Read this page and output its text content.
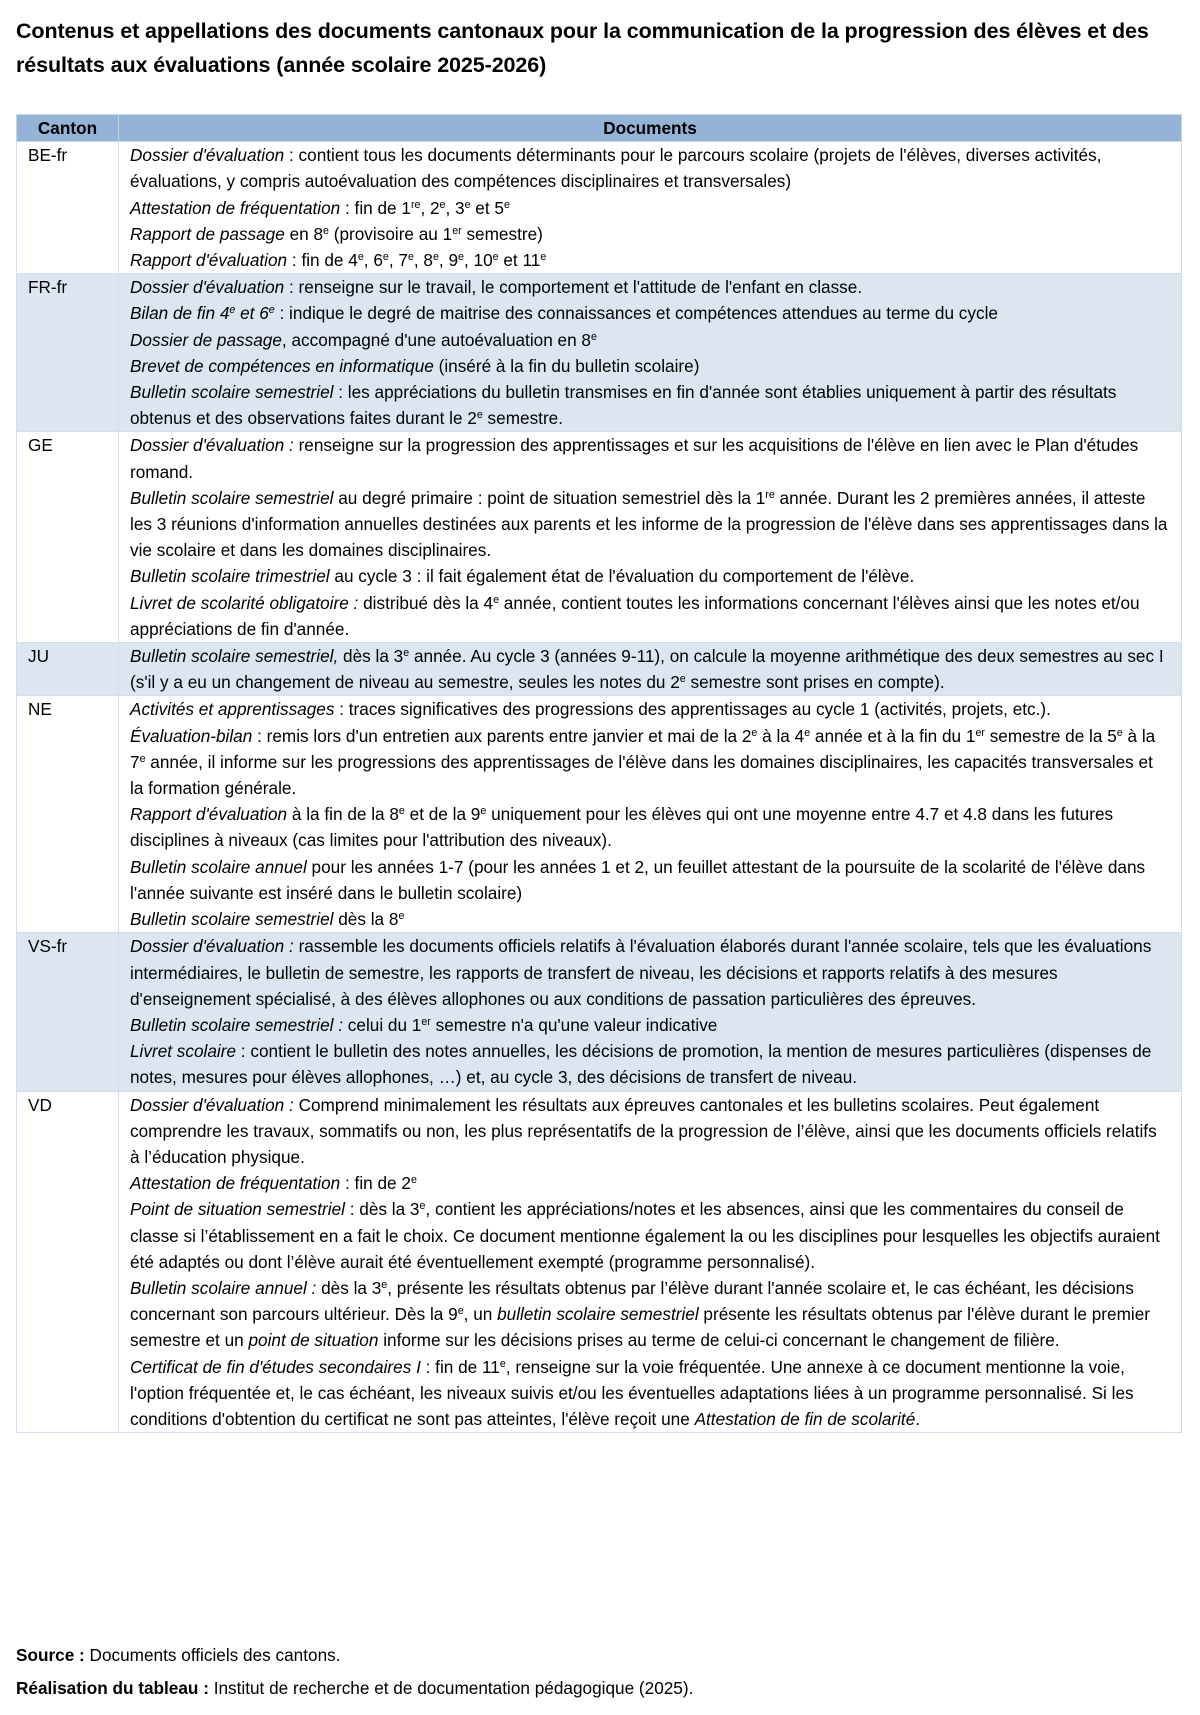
Contenus et appellations des documents cantonaux pour la communication de la progression des élèves et des résultats aux évaluations (année scolaire 2025-2026)
Canton	Documents
BE-fr	Dossier d'évaluation : contient tous les documents déterminants pour le parcours scolaire (projets de l'élèves, diverses activités, évaluations, y compris autoévaluation des compétences disciplinaires et transversales)
Attestation de fréquentation : fin de 1re, 2e, 3e et 5e
Rapport de passage en 8e (provisoire au 1er semestre)
Rapport d'évaluation : fin de 4e, 6e, 7e, 8e, 9e, 10e et 11e

FR-fr	Dossier d'évaluation : renseigne sur le travail, le comportement et l'attitude de l'enfant en classe.
Bilan de fin 4e et 6e : indique le degré de maitrise des connaissances et compétences attendues au terme du cycle
Dossier de passage, accompagné d'une autoévaluation en 8e
Brevet de compétences en informatique (inséré à la fin du bulletin scolaire)
Bulletin scolaire semestriel : les appréciations du bulletin transmises en fin d'année sont établies uniquement à partir des résultats obtenus et des observations faites durant le 2e semestre.

GE	Dossier d'évaluation : renseigne sur la progression des apprentissages et sur les acquisitions de l'élève en lien avec le Plan d'études romand.
Bulletin scolaire semestriel au degré primaire : point de situation semestriel dès la 1re année. Durant les 2 premières années, il atteste les 3 réunions d'information annuelles destinées aux parents et les informe de la progression de l'élève dans ses apprentissages dans la vie scolaire et dans les domaines disciplinaires.
Bulletin scolaire trimestriel au cycle 3 : il fait également état de l'évaluation du comportement de l'élève.
Livret de scolarité obligatoire : distribué dès la 4e année, contient toutes les informations concernant l'élèves ainsi que les notes et/ou appréciations de fin d'année.

JU	Bulletin scolaire semestriel, dès la 3e année. Au cycle 3 (années 9-11), on calcule la moyenne arithmétique des deux semestres au sec I (s'il y a eu un changement de niveau au semestre, seules les notes du 2e semestre sont prises en compte).

NE	Activités et apprentissages : traces significatives des progressions des apprentissages au cycle 1 (activités, projets, etc.).
Évaluation-bilan : remis lors d'un entretien aux parents entre janvier et mai de la 2e à la 4e année et à la fin du 1er semestre de la 5e à la 7e année, il informe sur les progressions des apprentissages de l'élève dans les domaines disciplinaires, les capacités transversales et la formation générale.
Rapport d'évaluation à la fin de la 8e et de la 9e uniquement pour les élèves qui ont une moyenne entre 4.7 et 4.8 dans les futures disciplines à niveaux (cas limites pour l'attribution des niveaux).
Bulletin scolaire annuel pour les années 1-7 (pour les années 1 et 2, un feuillet attestant de la poursuite de la scolarité de l'élève dans l'année suivante est inséré dans le bulletin scolaire)
Bulletin scolaire semestriel dès la 8e

VS-fr	Dossier d'évaluation : rassemble les documents officiels relatifs à l'évaluation élaborés durant l'année scolaire, tels que les évaluations intermédiaires, le bulletin de semestre, les rapports de transfert de niveau, les décisions et rapports relatifs à des mesures d'enseignement spécialisé, à des élèves allophones ou aux conditions de passation particulières des épreuves.
Bulletin scolaire semestriel : celui du 1er semestre n'a qu'une valeur indicative
Livret scolaire : contient le bulletin des notes annuelles, les décisions de promotion, la mention de mesures particulières (dispenses de notes, mesures pour élèves allophones, …) et, au cycle 3, des décisions de transfert de niveau.

VD	Dossier d'évaluation : Comprend minimalement les résultats aux épreuves cantonales et les bulletins scolaires. Peut également comprendre les travaux, sommatifs ou non, les plus représentatifs de la progression de l’élève, ainsi que les documents officiels relatifs à l’éducation physique.
Attestation de fréquentation : fin de 2e
Point de situation semestriel : dès la 3e, contient les appréciations/notes et les absences, ainsi que les commentaires du conseil de classe si l’établissement en a fait le choix. Ce document mentionne également la ou les disciplines pour lesquelles les objectifs auraient été adaptés ou dont l’élève aurait été éventuellement exempté (programme personnalisé).
Bulletin scolaire annuel : dès la 3e, présente les résultats obtenus par l’élève durant l'année scolaire et, le cas échéant, les décisions concernant son parcours ultérieur. Dès la 9e, un bulletin scolaire semestriel présente les résultats obtenus par l'élève durant le premier semestre et un point de situation informe sur les décisions prises au terme de celui-ci concernant le changement de filière.
Certificat de fin d'études secondaires I : fin de 11e, renseigne sur la voie fréquentée. Une annexe à ce document mentionne la voie, l'option fréquentée et, le cas échéant, les niveaux suivis et/ou les éventuelles adaptations liées à un programme personnalisé. Si les conditions d'obtention du certificat ne sont pas atteintes, l'élève reçoit une Attestation de fin de scolarité.
Source : Documents officiels des cantons.
Réalisation du tableau : Institut de recherche et de documentation pédagogique (2025).
